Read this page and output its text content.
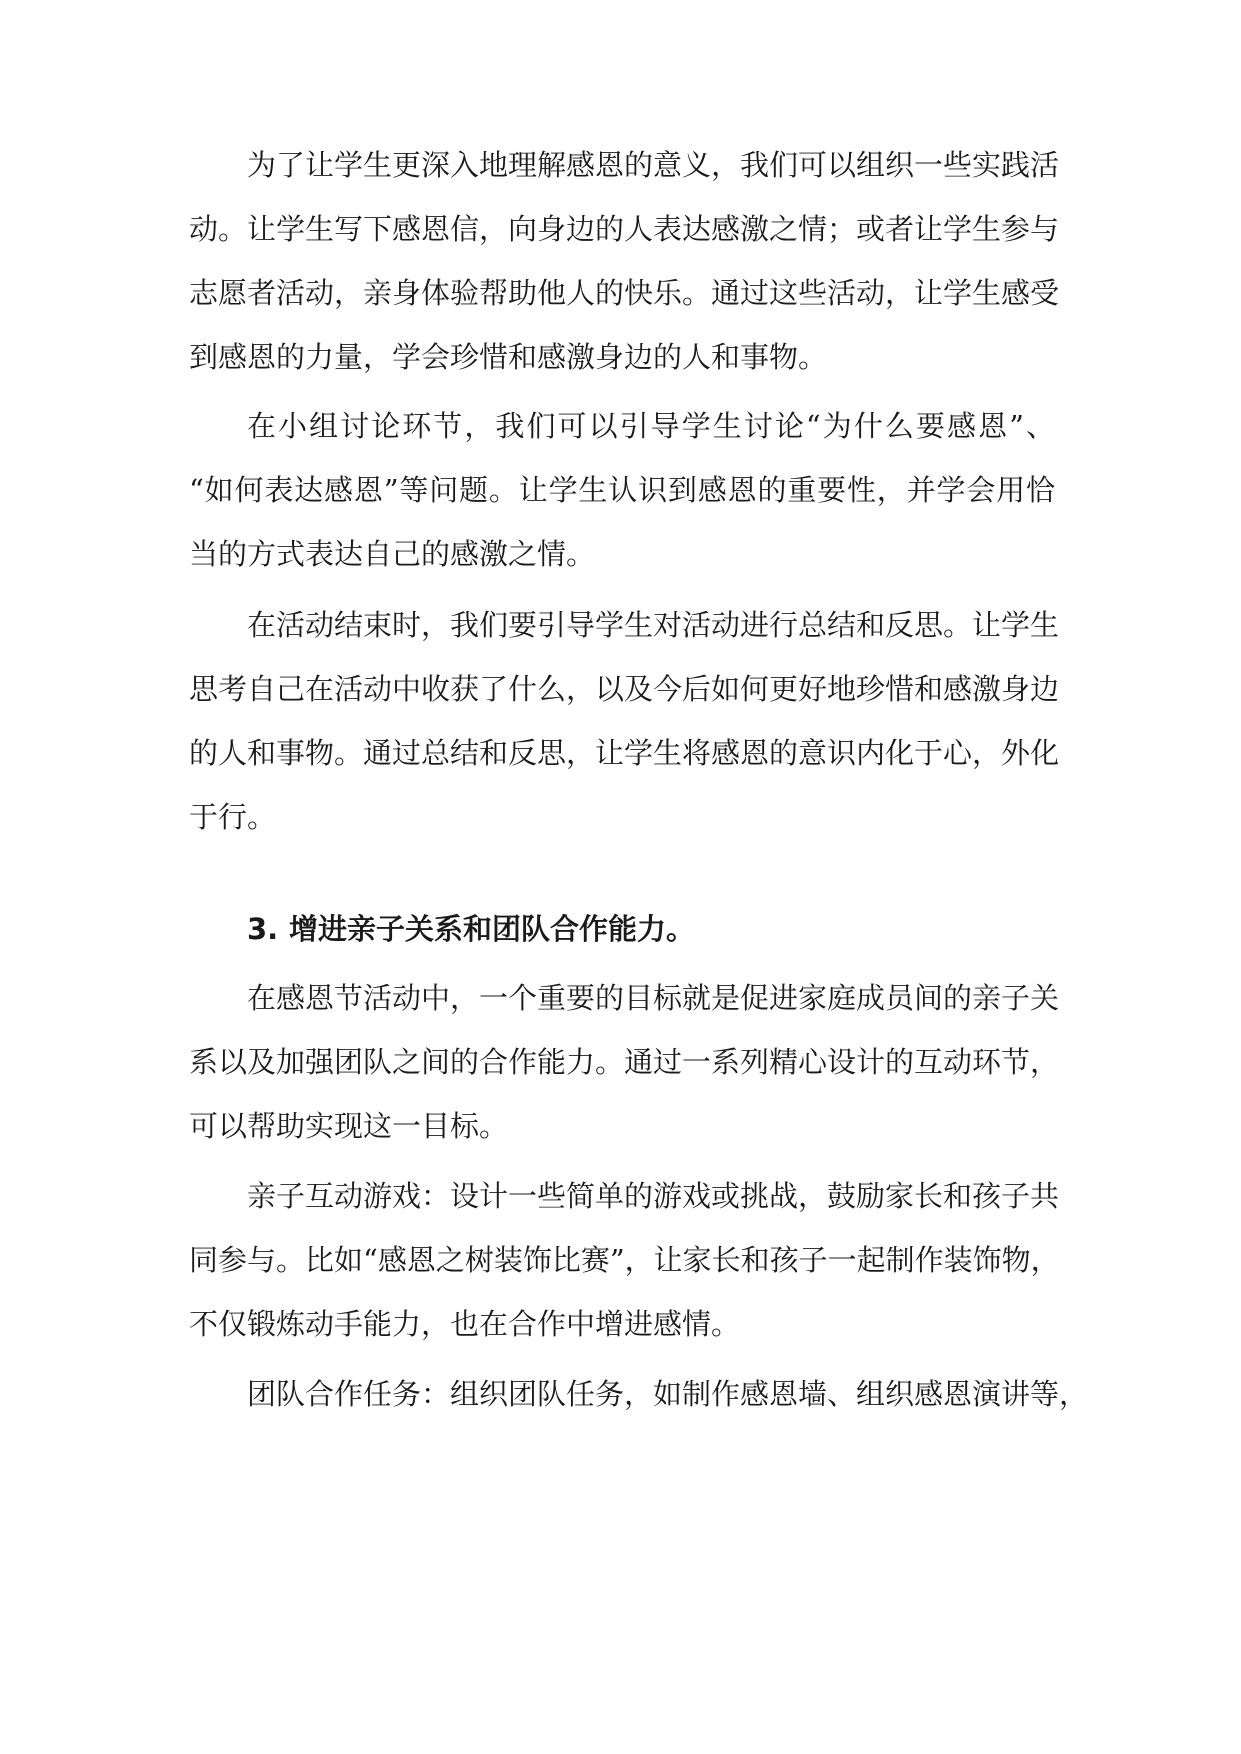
为了让学生更深入地理解感恩的意义，我们可以组织一些实践活
动。让学生写下感恩信，向身边的人表达感激之情；或者让学生参与
志愿者活动，亲身体验帮助他人的快乐。通过这些活动，让学生感受
到感恩的力量，学会珍惜和感激身边的人和事物。
在小组讨论环节，我们可以引导学生讨论“为什么要感恩”、
“如何表达感恩”等问题。让学生认识到感恩的重要性，并学会用恰
当的方式表达自己的感激之情。
在活动结束时，我们要引导学生对活动进行总结和反思。让学生
思考自己在活动中收获了什么，以及今后如何更好地珍惜和感激身边
的人和事物。通过总结和反思，让学生将感恩的意识内化于心，外化
于行。
3. 增进亲子关系和团队合作能力。
在感恩节活动中，一个重要的目标就是促进家庭成员间的亲子关
系以及加强团队之间的合作能力。通过一系列精心设计的互动环节，
可以帮助实现这一目标。
亲子互动游戏：设计一些简单的游戏或挑战，鼓励家长和孩子共
同参与。比如“感恩之树装饰比赛”，让家长和孩子一起制作装饰物，
不仅锻炼动手能力，也在合作中增进感情。
团队合作任务：组织团队任务，如制作感恩墙、组织感恩演讲等，
